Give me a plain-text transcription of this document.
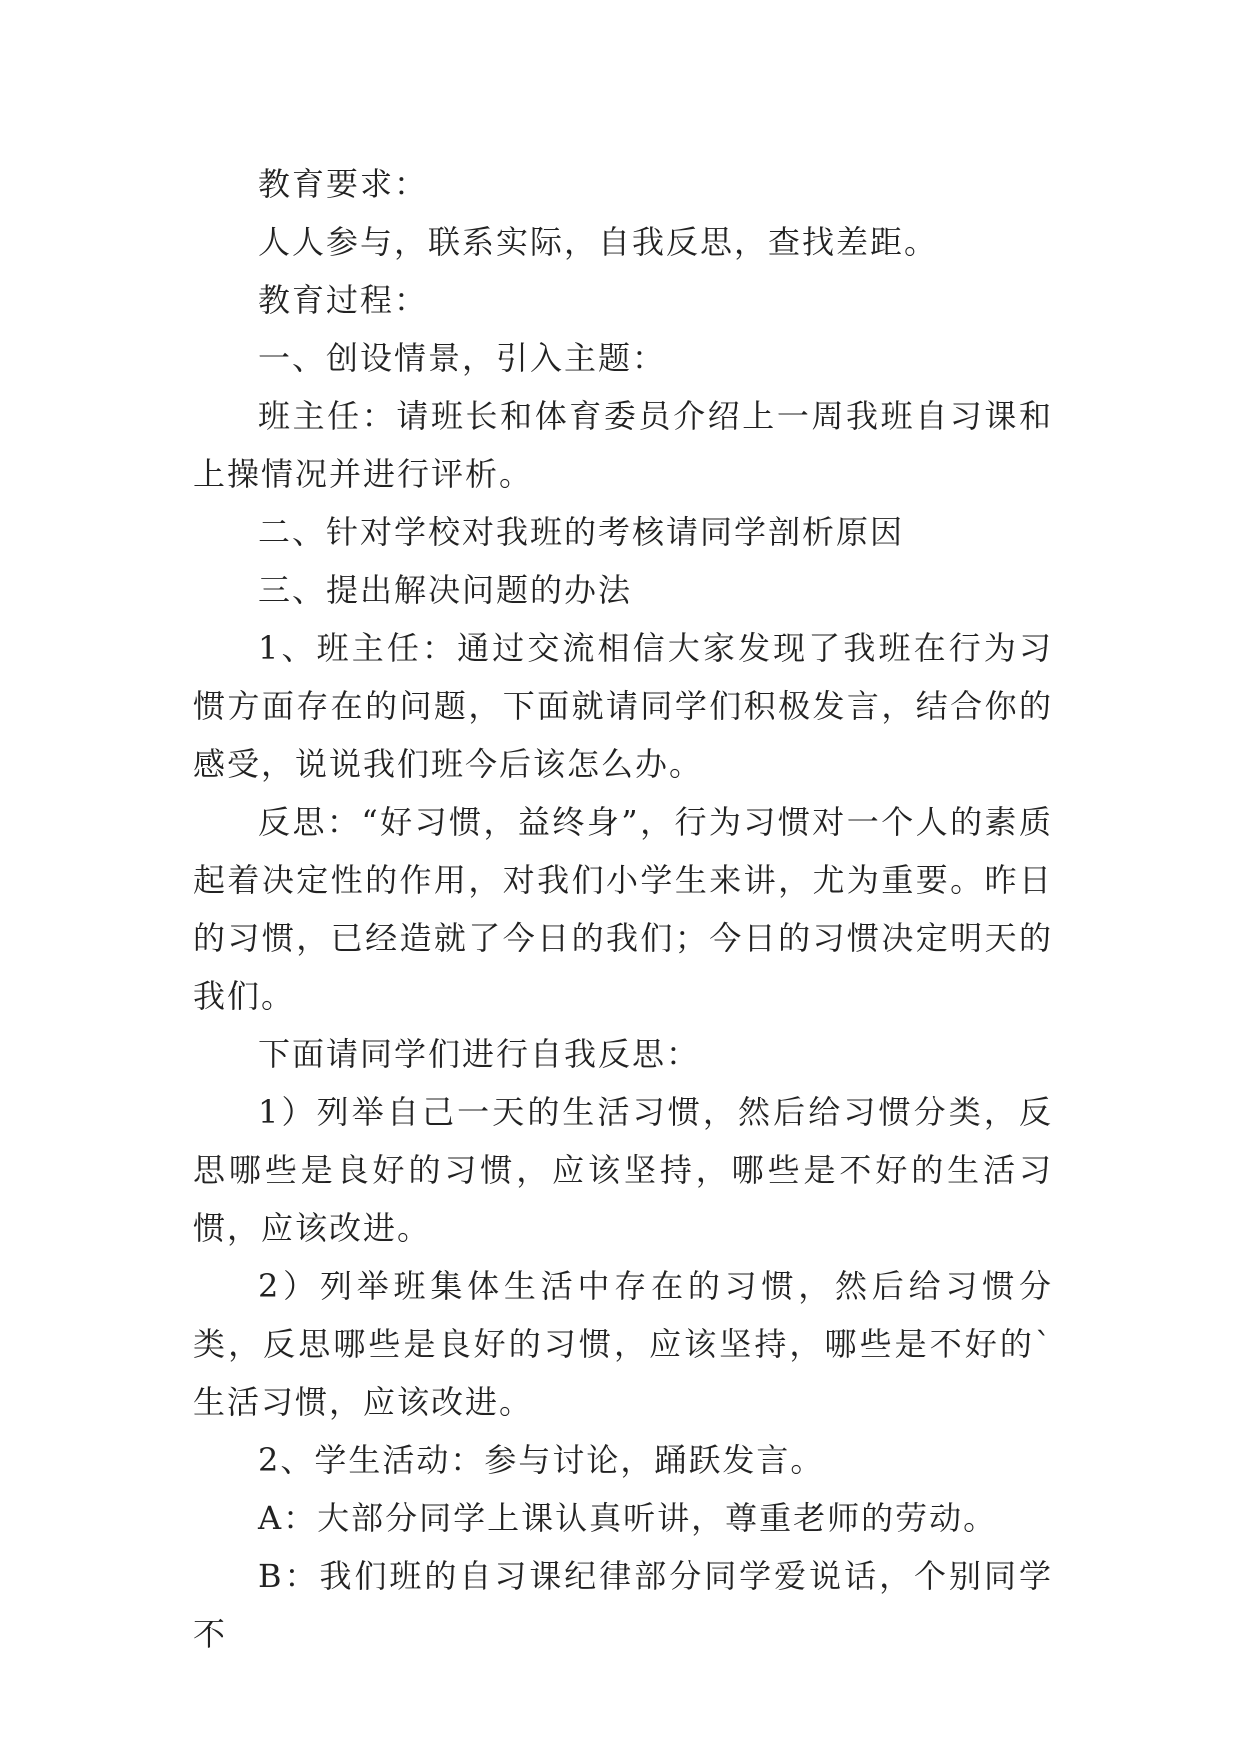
教育要求：

人人参与，联系实际，自我反思，查找差距。

教育过程：

一、创设情景，引入主题：

班主任：请班长和体育委员介绍上一周我班自习课和上操情况并进行评析。

二、针对学校对我班的考核请同学剖析原因

三、提出解决问题的办法

1、班主任：通过交流相信大家发现了我班在行为习惯方面存在的问题，下面就请同学们积极发言，结合你的感受，说说我们班今后该怎么办。

反思：“好习惯，益终身”，行为习惯对一个人的素质起着决定性的作用，对我们小学生来讲，尤为重要。昨日的习惯，已经造就了今日的我们；今日的习惯决定明天的我们。

下面请同学们进行自我反思：

1）列举自己一天的生活习惯，然后给习惯分类，反思哪些是良好的习惯，应该坚持，哪些是不好的生活习惯，应该改进。

2）列举班集体生活中存在的习惯，然后给习惯分类，反思哪些是良好的习惯，应该坚持，哪些是不好的`生活习惯，应该改进。

2、学生活动：参与讨论，踊跃发言。

A：大部分同学上课认真听讲，尊重老师的劳动。

B：我们班的自习课纪律部分同学爱说话，个别同学不
